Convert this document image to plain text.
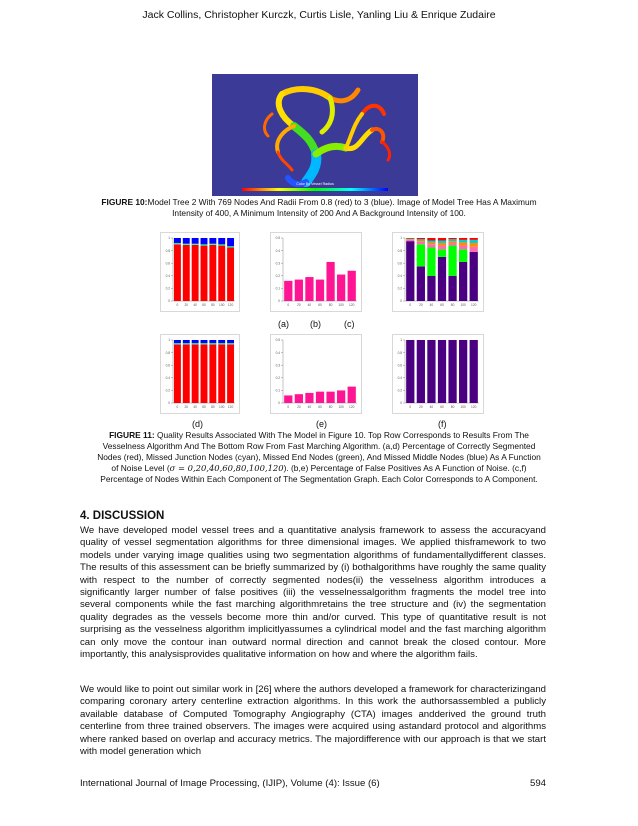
Jack Collins, Christopher Kurczk, Curtis Lisle, Yanling Liu & Enrique Zudaire
Color By Vessel Radius
FIGURE 10:Model Tree 2 With 769 Nodes And Radii From 0.8 (red) to 3 (blue). Image of Model Tree Has A Maximum Intensity of 400, A Minimum Intensity of 200 And A Background Intensity of 100.
0
0.2
0.4
0.6
0.8
1
0 20 40 60 80 100 120
0
0.1
0.2
0.3
0.4
0.5
0 20 40 60 80 100 120
0
0.2
0.4
0.6
0.8
1
0 20 40 60 80 100 120
(a) (b)	(c)
0
0.2
0.4
0.6
0.8
1
0 20 40 60 80 100 120
0
0.1
0.2
0.3
0.4
0.5
0 20 40 60 80 100 120
0
0.2
0.4
0.6
0.8
1
0 20 40 60 80 100 120
(d)	(e)	(f)
FIGURE 11: Quality Results Associated With The Model in Figure 10. Top Row Corresponds to Results From The Vesselness Algorithm And The Bottom Row From Fast Marching Algorithm. (a,d) Percentage of Correctly Segmented Nodes (red), Missed Junction Nodes (cyan), Missed End Nodes (green), And Missed Middle Nodes (blue) As A Function of Noise Level (σ = 0,20,40,60,80,100,120). (b,e) Percentage of False Positives As A Function of Noise. (c,f) Percentage of Nodes Within Each Component of The Segmentation Graph. Each Color Corresponds to A Component.
4. DISCUSSION
We have developed model vessel trees and a quantitative analysis framework to assess the accuracyand quality of vessel segmentation algorithms for three dimensional images. We applied thisframework to two models under varying image qualities using two segmentation algorithms of fundamentallydifferent classes. The results of this assessment can be briefly summarized by (i) bothalgorithms have roughly the same quality with respect to the number of correctly segmented nodes(ii) the vesselness algorithm introduces a significantly larger number of false positives (iii) the vesselnessalgorithm fragments the model tree into several components while the fast marching algorithmretains the tree structure and (iv) the segmentation quality degrades as the vessels become more thin and/or curved. This type of quantitative result is not surprising as the vesselness algorithm implicitlyassumes a cylindrical model and the fast marching algorithm can only move the contour inan outward normal direction and cannot break the closed contour. More importantly, this analysisprovides qualitative information on how and where the algorithm fails.
We would like to point out similar work in [26] where the authors developed a framework for characterizingand comparing coronary artery centerline extraction algorithms. In this work the authorsassembled a publicly available database of Computed Tomography Angiography (CTA) images andderived the ground truth centerline from three trained observers. The images were acquired using astandard protocol and algorithms where ranked based on overlap and accuracy metrics. The majordifference with our approach is that we start with model generation which
International Journal of Image Processing, (IJIP), Volume (4): Issue (6)	594
